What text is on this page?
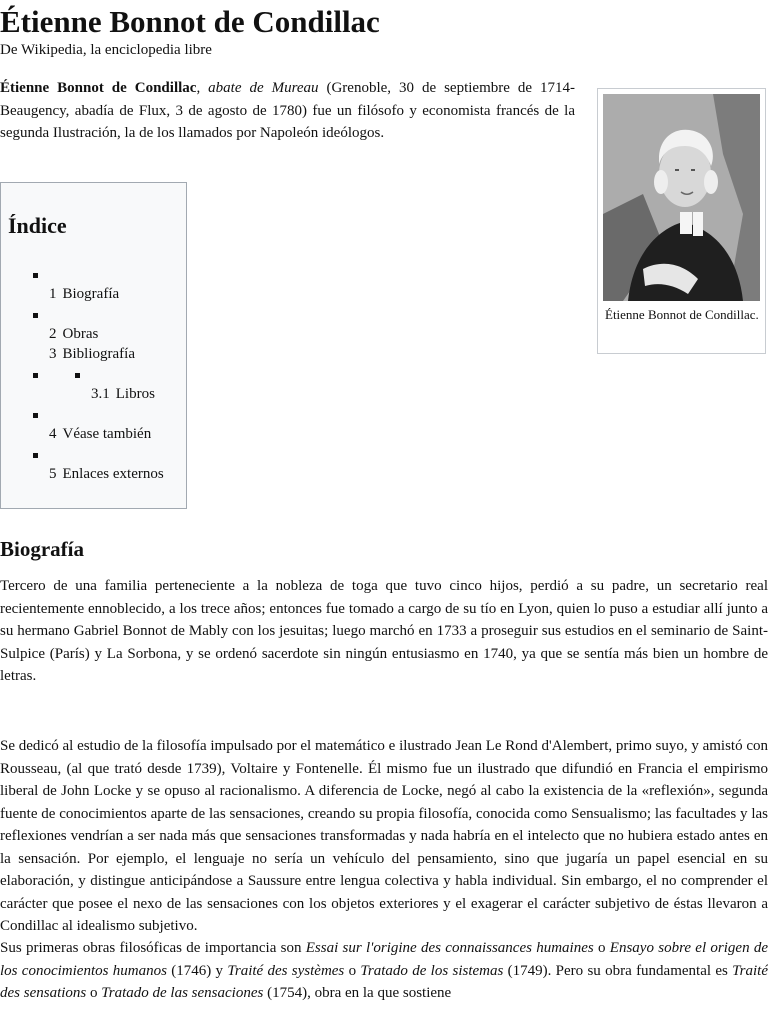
Étienne Bonnot de Condillac
De Wikipedia, la enciclopedia libre

Étienne Bonnot de Condillac, abate de Mureau (Grenoble, 30 de septiembre de 1714-Beaugency, abadía de Flux, 3 de agosto de 1780) fue un filósofo y economista francés de la segunda Ilustración, la de los llamados por Napoleón ideólogos.

Étienne Bonnot de Condillac.
Índice
1 Biografía
2 Obras
3 Bibliografía
3.1 Libros
4 Véase también
5 Enlaces externos
Biografía

Tercero de una familia perteneciente a la nobleza de toga que tuvo cinco hijos, perdió a su padre, un secretario real recientemente ennoblecido, a los trece años; entonces fue tomado a cargo de su tío en Lyon, quien lo puso a estudiar allí junto a su hermano Gabriel Bonnot de Mably con los jesuitas; luego marchó en 1733 a proseguir sus estudios en el seminario de Saint-Sulpice (París) y La Sorbona, y se ordenó sacerdote sin ningún entusiasmo en 1740, ya que se sentía más bien un hombre de letras.

Se dedicó al estudio de la filosofía impulsado por el matemático e ilustrado Jean Le Rond d'Alembert, primo suyo, y amistó con Rousseau, (al que trató desde 1739), Voltaire y Fontenelle. Él mismo fue un ilustrado que difundió en Francia el empirismo liberal de John Locke y se opuso al racionalismo. A diferencia de Locke, negó al cabo la existencia de la «reflexión», segunda fuente de conocimientos aparte de las sensaciones, creando su propia filosofía, conocida como Sensualismo; las facultades y las reflexiones vendrían a ser nada más que sensaciones transformadas y nada habría en el intelecto que no hubiera estado antes en la sensación. Por ejemplo, el lenguaje no sería un vehículo del pensamiento, sino que jugaría un papel esencial en su elaboración, y distingue anticipándose a Saussure entre lengua colectiva y habla individual. Sin embargo, el no comprender el carácter que posee el nexo de las sensaciones con los objetos exteriores y el exagerar el carácter subjetivo de éstas llevaron a Condillac al idealismo subjetivo.

Sus primeras obras filosóficas de importancia son Essai sur l'origine des connaissances humaines o Ensayo sobre el origen de los conocimientos humanos (1746) y Traité des systèmes o Tratado de los sistemas (1749). Pero su obra fundamental es Traité des sensations o Tratado de las sensaciones (1754), obra en la que sostiene
